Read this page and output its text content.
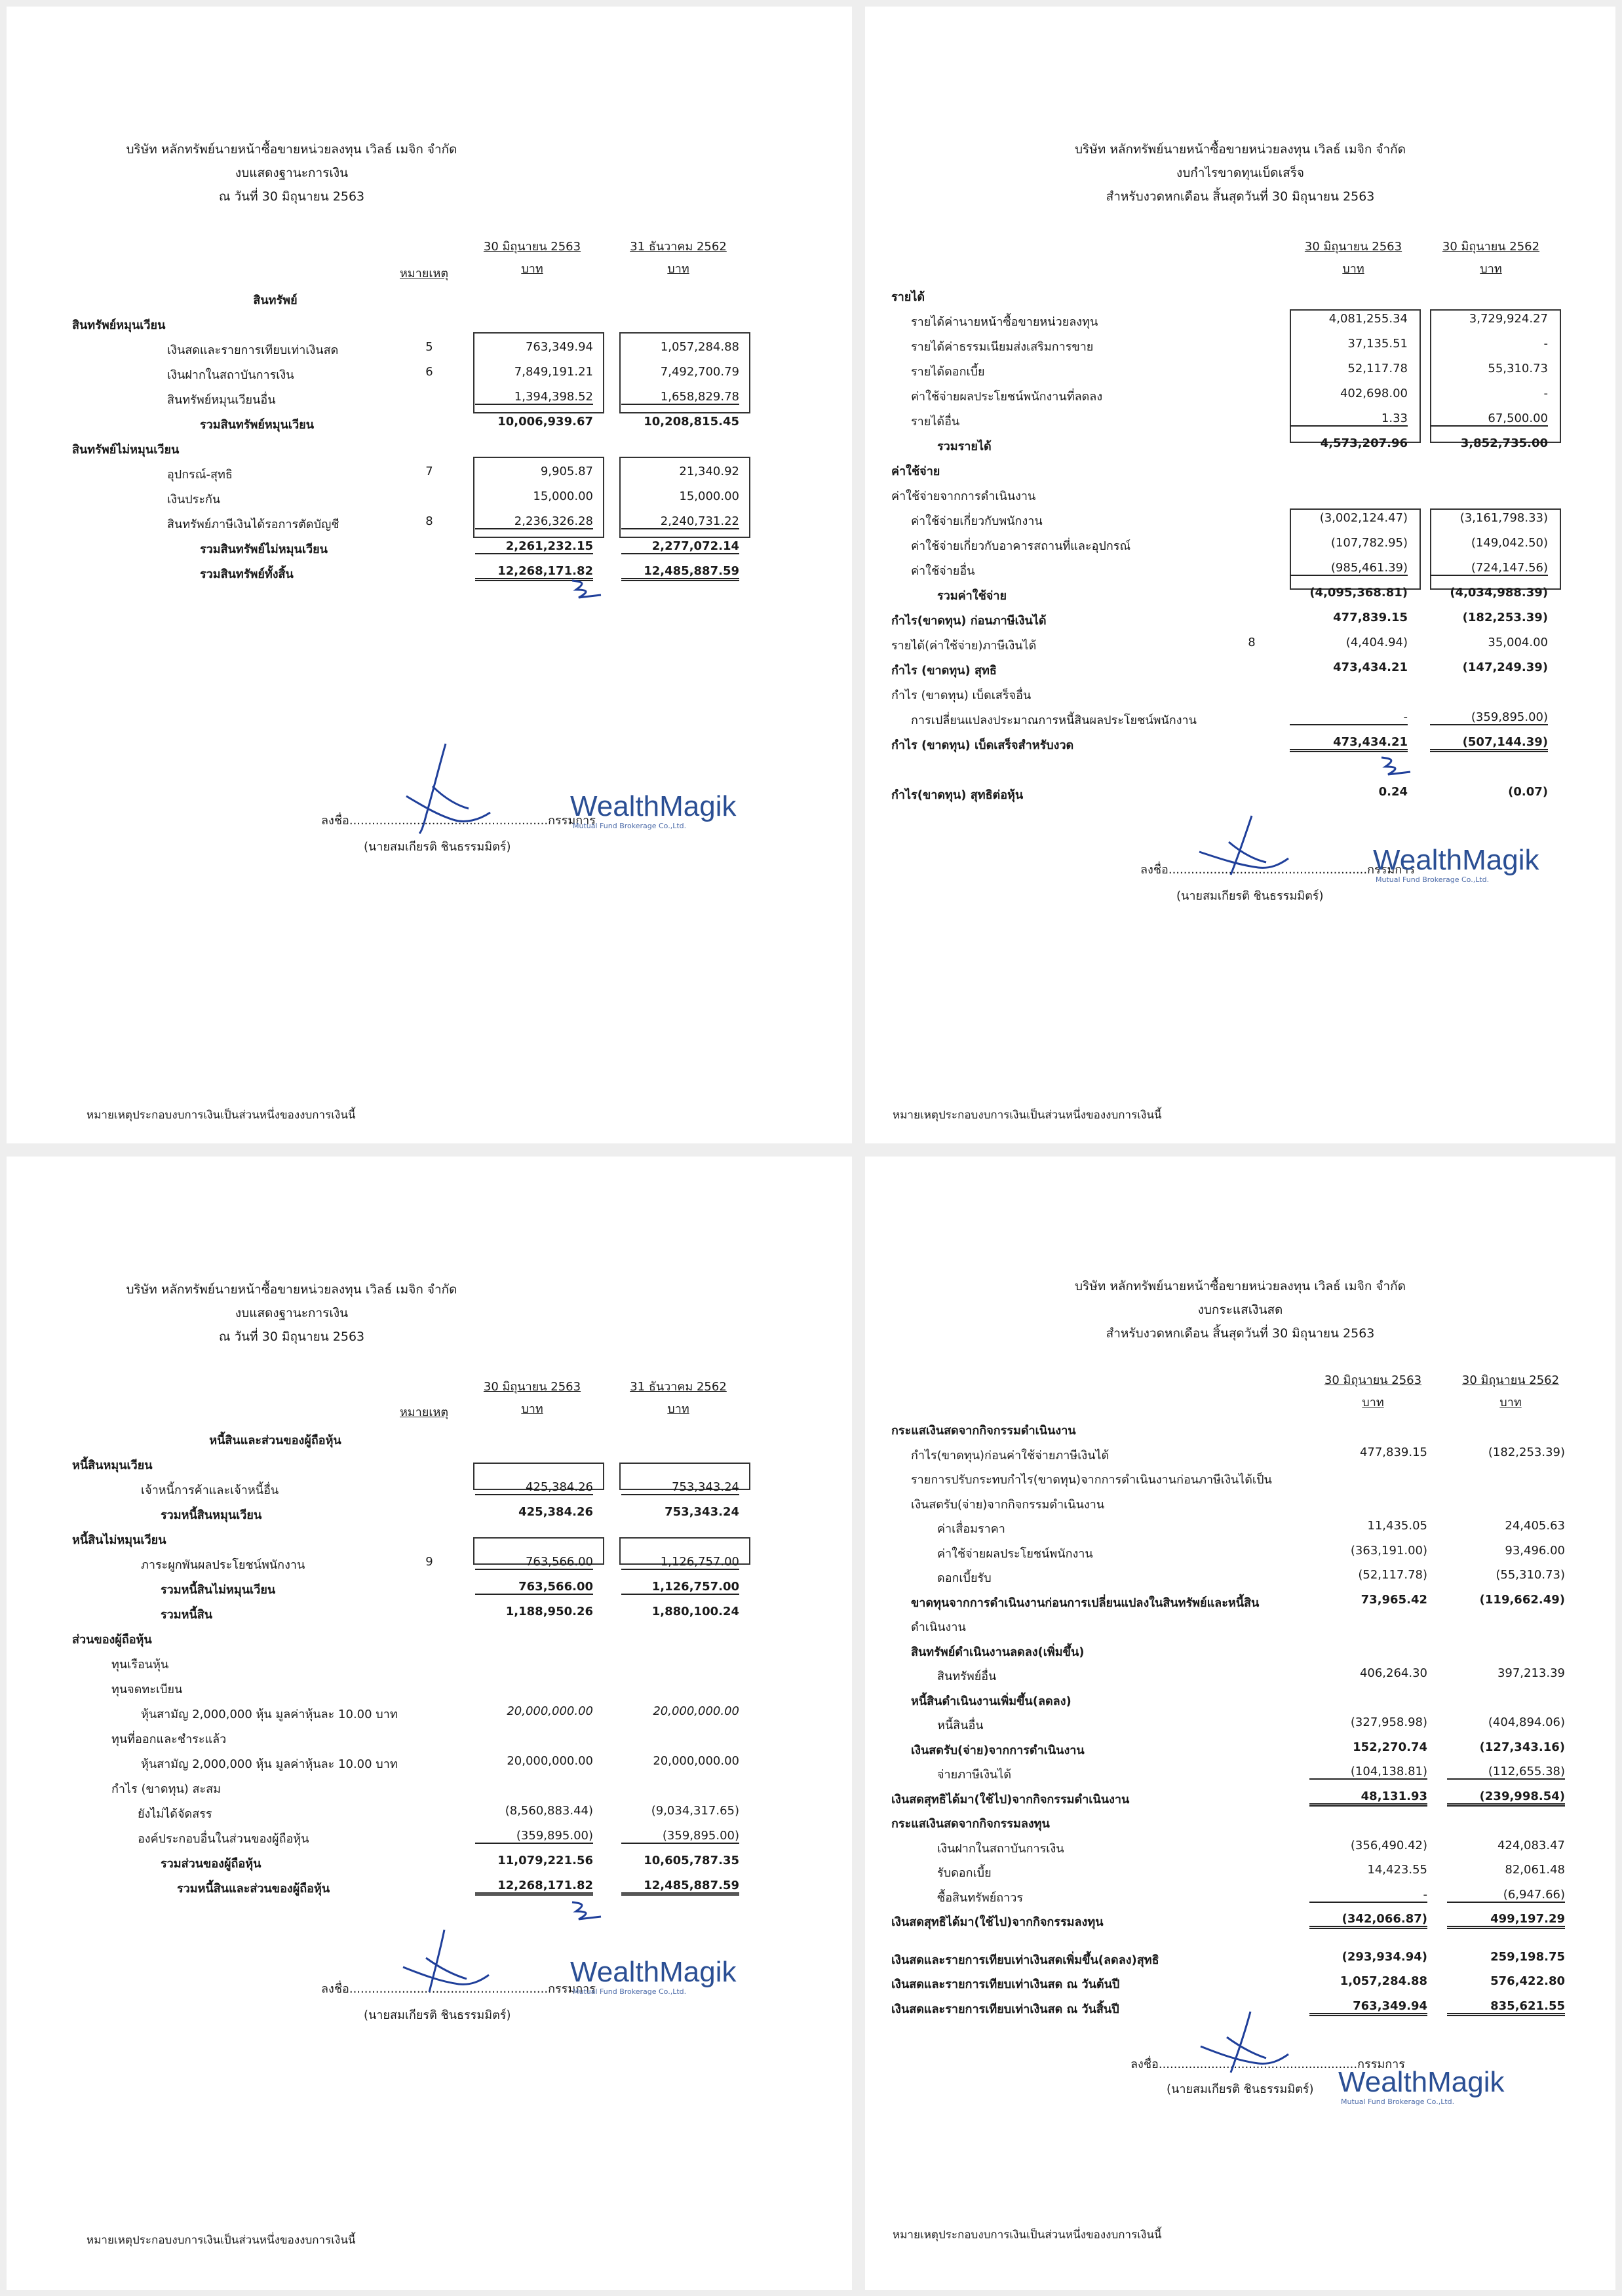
บริษัท หลักทรัพย์นายหน้าซื้อขายหน่วยลงทุน เวิลธ์ เมจิก จำกัด
งบแสดงฐานะการเงิน
ณ วันที่ 30 มิถุนายน 2563
30 มิถุนายน 2563
บาท
31 ธันวาคม 2562
บาท
หมายเหตุ
สินทรัพย์
สินทรัพย์หมุนเวียน
เงินสดและรายการเทียบเท่าเงินสด	5	763,349.94	1,057,284.88
เงินฝากในสถาบันการเงิน	6	7,849,191.21	7,492,700.79
สินทรัพย์หมุนเวียนอื่น	1,394,398.52	1,658,829.78
รวมสินทรัพย์หมุนเวียน	10,006,939.67	10,208,815.45
สินทรัพย์ไม่หมุนเวียน
อุปกรณ์-สุทธิ	7	9,905.87	21,340.92
เงินประกัน	15,000.00	15,000.00
สินทรัพย์ภาษีเงินได้รอการตัดบัญชี	8	2,236,326.28	2,240,731.22
รวมสินทรัพย์ไม่หมุนเวียน	2,261,232.15	2,277,072.14
รวมสินทรัพย์ทั้งสิ้น	12,268,171.82	12,485,887.59
ลงชื่อ.....................................................กรรมการ
(นายสมเกียรติ ชินธรรมมิตร์)
WealthMagik
Mutual Fund Brokerage Co.,Ltd.
หมายเหตุประกอบงบการเงินเป็นส่วนหนึ่งของงบการเงินนี้
บริษัท หลักทรัพย์นายหน้าซื้อขายหน่วยลงทุน เวิลธ์ เมจิก จำกัด
งบกำไรขาดทุนเบ็ดเสร็จ
สำหรับงวดหกเดือน สิ้นสุดวันที่ 30 มิถุนายน 2563
30 มิถุนายน 2563
บาท
30 มิถุนายน 2562
บาท
รายได้
รายได้ค่านายหน้าซื้อขายหน่วยลงทุน	4,081,255.34	3,729,924.27
รายได้ค่าธรรมเนียมส่งเสริมการขาย	37,135.51	-
รายได้ดอกเบี้ย	52,117.78	55,310.73
ค่าใช้จ่ายผลประโยชน์พนักงานที่ลดลง	402,698.00	-
รายได้อื่น	1.33	67,500.00
รวมรายได้	4,573,207.96	3,852,735.00
ค่าใช้จ่าย
ค่าใช้จ่ายจากการดำเนินงาน
ค่าใช้จ่ายเกี่ยวกับพนักงาน	(3,002,124.47)	(3,161,798.33)
ค่าใช้จ่ายเกี่ยวกับอาคารสถานที่และอุปกรณ์	(107,782.95)	(149,042.50)
ค่าใช้จ่ายอื่น	(985,461.39)	(724,147.56)
รวมค่าใช้จ่าย	(4,095,368.81)	(4,034,988.39)
กำไร(ขาดทุน) ก่อนภาษีเงินได้	477,839.15	(182,253.39)
รายได้(ค่าใช้จ่าย)ภาษีเงินได้	8	(4,404.94)	35,004.00
กำไร (ขาดทุน) สุทธิ	473,434.21	(147,249.39)
กำไร (ขาดทุน) เบ็ดเสร็จอื่น
การเปลี่ยนแปลงประมาณการหนี้สินผลประโยชน์พนักงาน	-	(359,895.00)
กำไร (ขาดทุน) เบ็ดเสร็จสำหรับงวด	473,434.21	(507,144.39)
กำไร(ขาดทุน) สุทธิต่อหุ้น	0.24	(0.07)
ลงชื่อ.....................................................กรรมการ
(นายสมเกียรติ ชินธรรมมิตร์)
WealthMagik
Mutual Fund Brokerage Co.,Ltd.
หมายเหตุประกอบงบการเงินเป็นส่วนหนึ่งของงบการเงินนี้
บริษัท หลักทรัพย์นายหน้าซื้อขายหน่วยลงทุน เวิลธ์ เมจิก จำกัด
งบแสดงฐานะการเงิน
ณ วันที่ 30 มิถุนายน 2563
30 มิถุนายน 2563
บาท
31 ธันวาคม 2562
บาท
หมายเหตุ
หนี้สินและส่วนของผู้ถือหุ้น
หนี้สินหมุนเวียน
เจ้าหนี้การค้าและเจ้าหนี้อื่น	425,384.26	753,343.24
รวมหนี้สินหมุนเวียน	425,384.26	753,343.24
หนี้สินไม่หมุนเวียน
ภาระผูกพันผลประโยชน์พนักงาน	9	763,566.00	1,126,757.00
รวมหนี้สินไม่หมุนเวียน	763,566.00	1,126,757.00
รวมหนี้สิน	1,188,950.26	1,880,100.24
ส่วนของผู้ถือหุ้น
ทุนเรือนหุ้น
ทุนจดทะเบียน
หุ้นสามัญ 2,000,000 หุ้น มูลค่าหุ้นละ 10.00 บาท	20,000,000.00	20,000,000.00
ทุนที่ออกและชำระแล้ว
หุ้นสามัญ 2,000,000 หุ้น มูลค่าหุ้นละ 10.00 บาท	20,000,000.00	20,000,000.00
กำไร (ขาดทุน) สะสม
ยังไม่ได้จัดสรร	(8,560,883.44)	(9,034,317.65)
องค์ประกอบอื่นในส่วนของผู้ถือหุ้น	(359,895.00)	(359,895.00)
รวมส่วนของผู้ถือหุ้น	11,079,221.56	10,605,787.35
รวมหนี้สินและส่วนของผู้ถือหุ้น	12,268,171.82	12,485,887.59
ลงชื่อ.....................................................กรรมการ
(นายสมเกียรติ ชินธรรมมิตร์)
WealthMagik
Mutual Fund Brokerage Co.,Ltd.
หมายเหตุประกอบงบการเงินเป็นส่วนหนึ่งของงบการเงินนี้
บริษัท หลักทรัพย์นายหน้าซื้อขายหน่วยลงทุน เวิลธ์ เมจิก จำกัด
งบกระแสเงินสด
สำหรับงวดหกเดือน สิ้นสุดวันที่ 30 มิถุนายน 2563
30 มิถุนายน 2563
บาท
30 มิถุนายน 2562
บาท
กระแสเงินสดจากกิจกรรมดำเนินงาน
กำไร(ขาดทุน)ก่อนค่าใช้จ่ายภาษีเงินได้	477,839.15	(182,253.39)
รายการปรับกระทบกำไร(ขาดทุน)จากการดำเนินงานก่อนภาษีเงินได้เป็น
เงินสดรับ(จ่าย)จากกิจกรรมดำเนินงาน
ค่าเสื่อมราคา	11,435.05	24,405.63
ค่าใช้จ่ายผลประโยชน์พนักงาน	(363,191.00)	93,496.00
ดอกเบี้ยรับ	(52,117.78)	(55,310.73)
ขาดทุนจากการดำเนินงานก่อนการเปลี่ยนแปลงในสินทรัพย์และหนี้สิน	73,965.42	(119,662.49)
ดำเนินงาน
สินทรัพย์ดำเนินงานลดลง(เพิ่มขึ้น)
สินทรัพย์อื่น	406,264.30	397,213.39
หนี้สินดำเนินงานเพิ่มขึ้น(ลดลง)
หนี้สินอื่น	(327,958.98)	(404,894.06)
เงินสดรับ(จ่าย)จากการดำเนินงาน	152,270.74	(127,343.16)
จ่ายภาษีเงินได้	(104,138.81)	(112,655.38)
เงินสดสุทธิได้มา(ใช้ไป)จากกิจกรรมดำเนินงาน	48,131.93	(239,998.54)
กระแสเงินสดจากกิจกรรมลงทุน
เงินฝากในสถาบันการเงิน	(356,490.42)	424,083.47
รับดอกเบี้ย	14,423.55	82,061.48
ซื้อสินทรัพย์ถาวร	-	(6,947.66)
เงินสดสุทธิได้มา(ใช้ไป)จากกิจกรรมลงทุน	(342,066.87)	499,197.29
เงินสดและรายการเทียบเท่าเงินสดเพิ่มขึ้น(ลดลง)สุทธิ	(293,934.94)	259,198.75
เงินสดและรายการเทียบเท่าเงินสด ณ วันต้นปี	1,057,284.88	576,422.80
เงินสดและรายการเทียบเท่าเงินสด ณ วันสิ้นปี	763,349.94	835,621.55
ลงชื่อ.....................................................กรรมการ
(นายสมเกียรติ ชินธรรมมิตร์) WealthMagik
Mutual Fund Brokerage Co.,Ltd.
หมายเหตุประกอบงบการเงินเป็นส่วนหนึ่งของงบการเงินนี้
